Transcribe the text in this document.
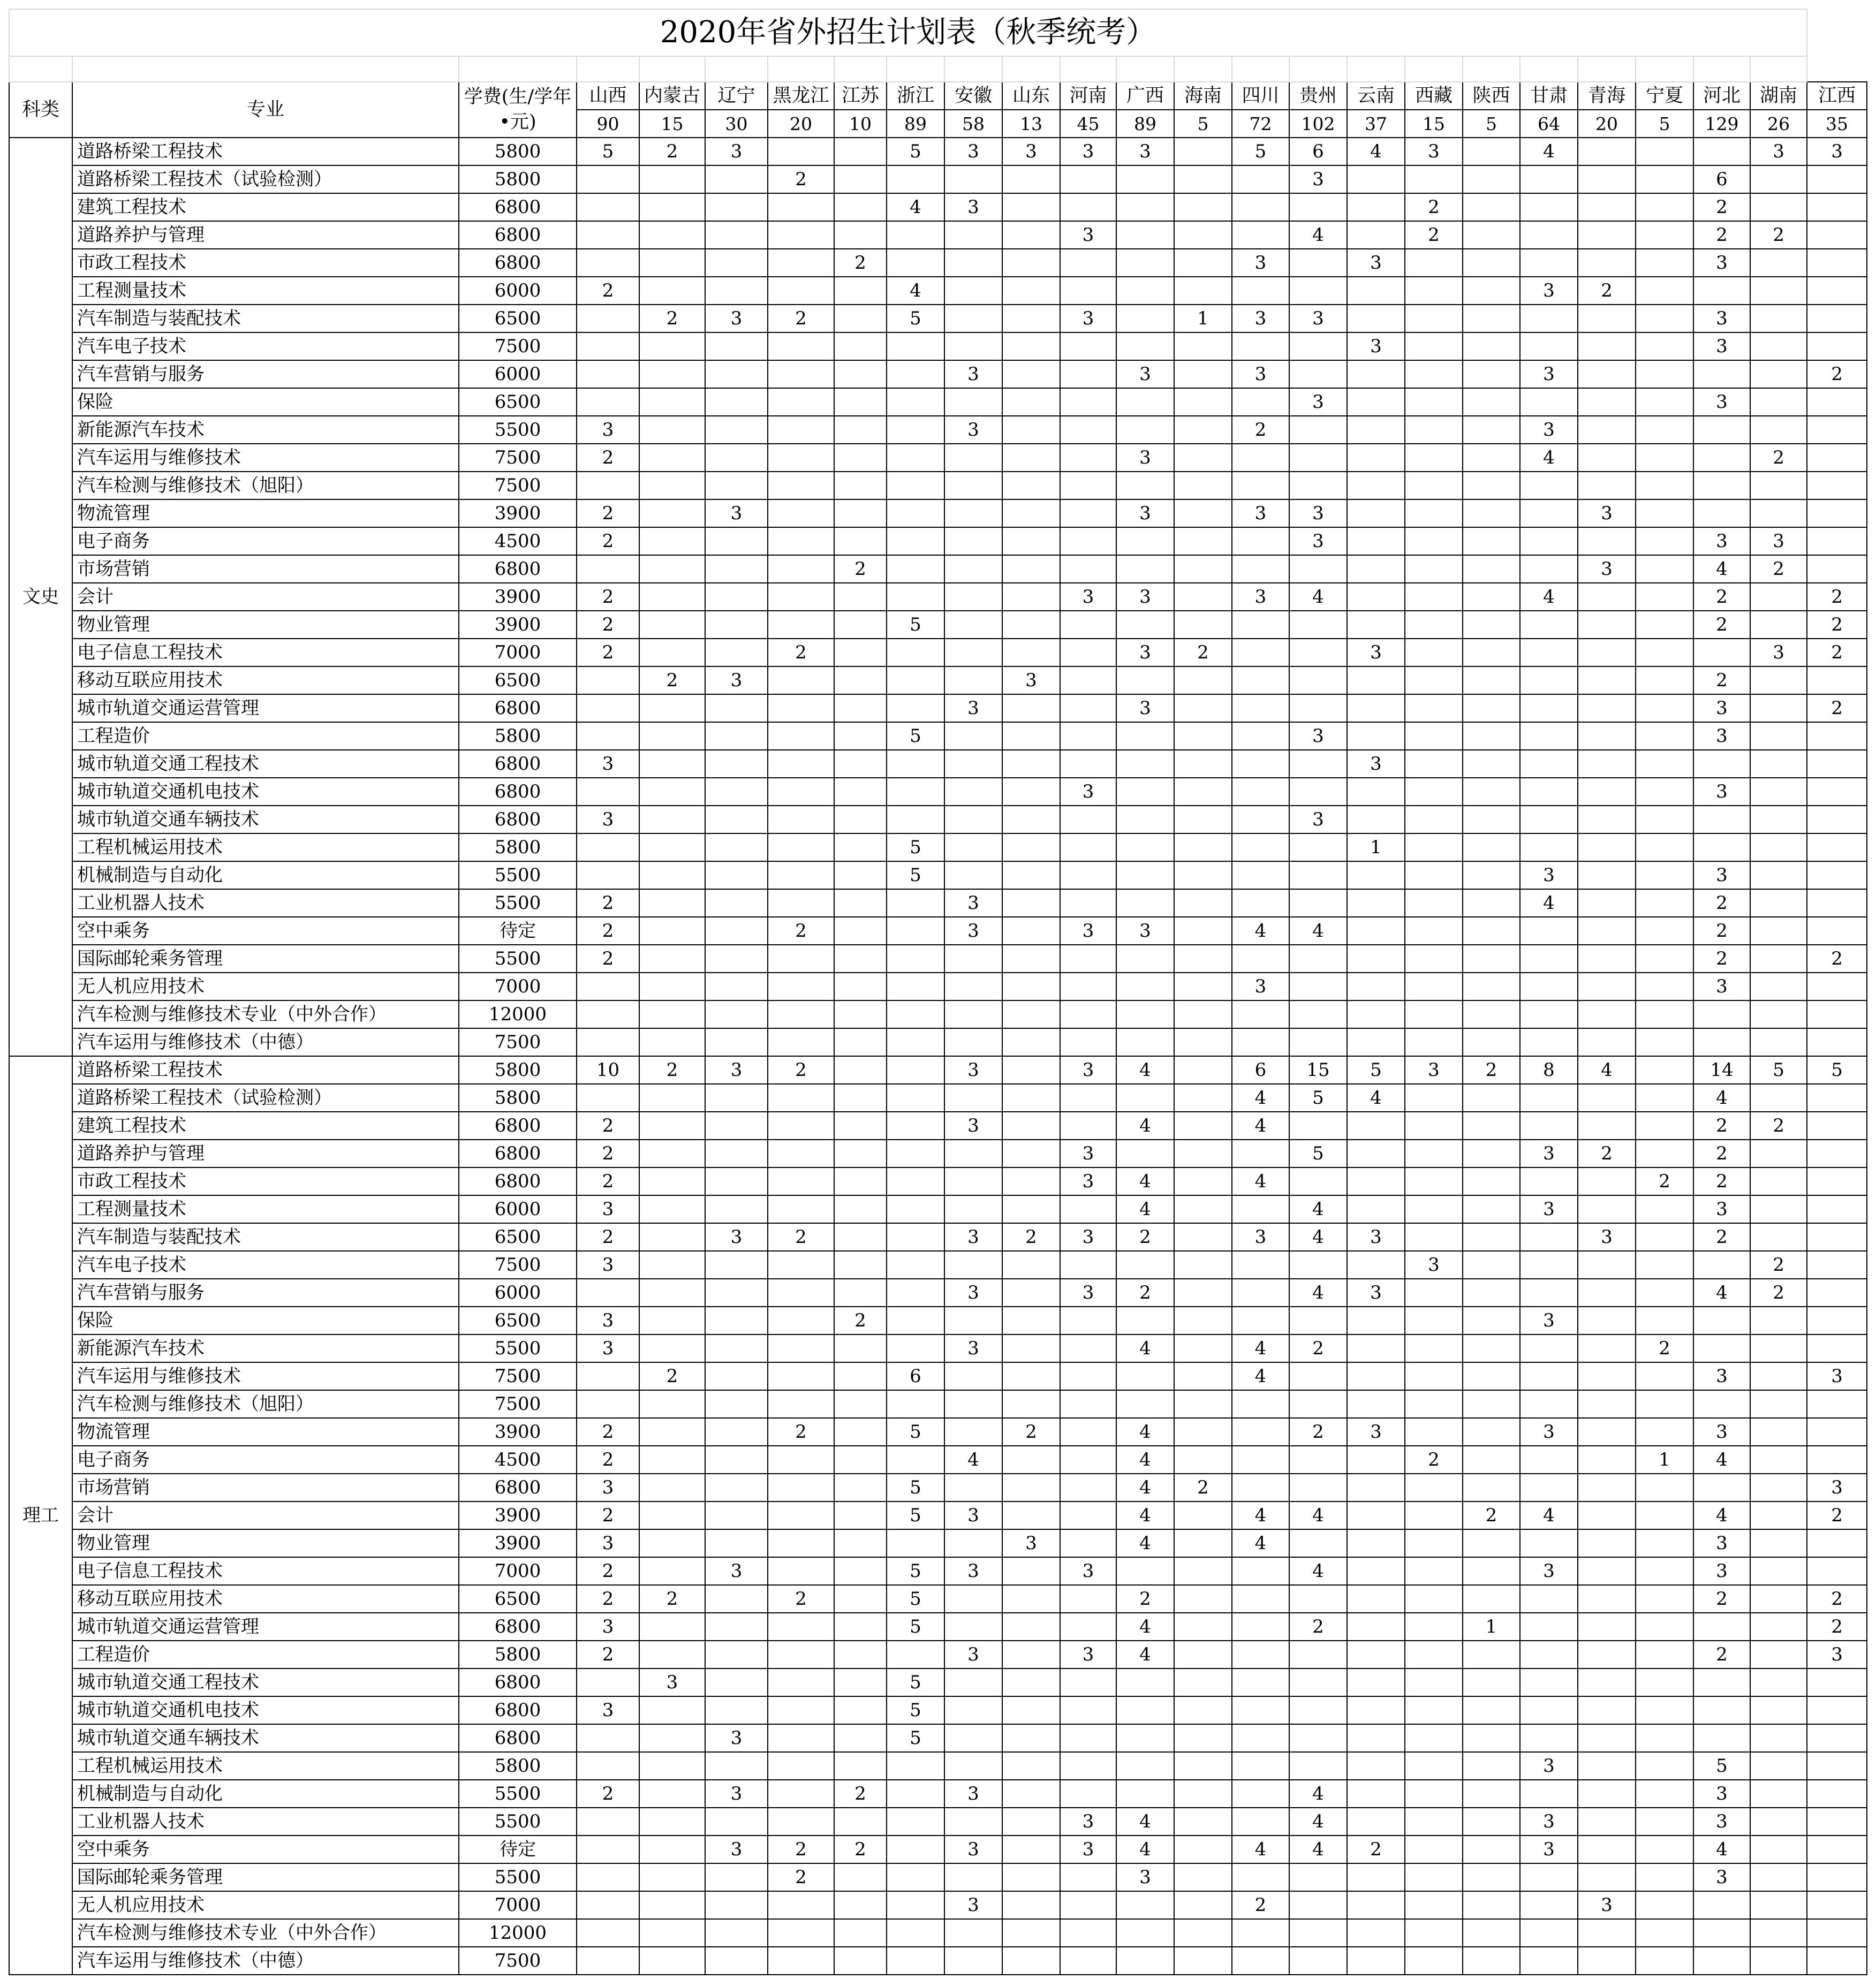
2020年省外招生计划表（秋季统考）																								

科类	专业	学费(生/学年•元)	山西	内蒙古	辽宁	黑龙江	江苏	浙江	安徽	山东	河南	广西	海南	四川	贵州	云南	西藏	陕西	甘肃	青海	宁夏	河北	湖南	江西
			90	15	30	20	10	89	58	13	45	89	5	72	102	37	15	5	64	20	5	129	26	35
文史	道路桥梁工程技术	5800	5	2	3			5	3	3	3	3		5	6	4	3		4				3	3
	道路桥梁工程技术（试验检测）	5800				2									3							6		
	建筑工程技术	6800						4	3								2					2		
	道路养护与管理	6800									3				4		2					2	2	
	市政工程技术	6800					2							3		3						3		
	工程测量技术	6000	2					4											3	2				
	汽车制造与装配技术	6500		2	3	2		5			3		1	3	3							3		
	汽车电子技术	7500														3						3		
	汽车营销与服务	6000							3			3		3					3					2
	保险	6500													3							3		
	新能源汽车技术	5500	3						3					2					3					
	汽车运用与维修技术	7500	2									3							4				2	
	汽车检测与维修技术（旭阳）	7500																						
	物流管理	3900	2		3							3		3	3					3				
	电子商务	4500	2												3							3	3	
	市场营销	6800					2													3		4	2	
	会计	3900	2								3	3		3	4				4			2		2
	物业管理	3900	2					5														2		2
	电子信息工程技术	7000	2			2						3	2			3							3	2
	移动互联应用技术	6500		2	3					3												2		
	城市轨道交通运营管理	6800							3			3										3		2
	工程造价	5800						5							3							3		
	城市轨道交通工程技术	6800	3													3								
	城市轨道交通机电技术	6800									3											3		
	城市轨道交通车辆技术	6800	3												3									
	工程机械运用技术	5800						5								1								
	机械制造与自动化	5500						5											3			3		
	工业机器人技术	5500	2						3										4			2		
	空中乘务	待定	2			2			3		3	3		4	4							2		
	国际邮轮乘务管理	5500	2																			2		2
	无人机应用技术	7000												3								3		
	汽车检测与维修技术专业（中外合作）	12000																						
	汽车运用与维修技术（中德）	7500																						
理工	道路桥梁工程技术	5800	10	2	3	2			3		3	4		6	15	5	3	2	8	4		14	5	5
	道路桥梁工程技术（试验检测）	5800												4	5	4						4		
	建筑工程技术	6800	2						3			4		4								2	2	
	道路养护与管理	6800	2								3				5				3	2		2		
	市政工程技术	6800	2								3	4		4							2	2		
	工程测量技术	6000	3									4			4				3			3		
	汽车制造与装配技术	6500	2		3	2			3	2	3	2		3	4	3				3		2		
	汽车电子技术	7500	3														3						2	
	汽车营销与服务	6000							3		3	2			4	3						4	2	
	保险	6500	3				2												3					
	新能源汽车技术	5500	3						3			4		4	2						2			
	汽车运用与维修技术	7500		2				6						4								3		3
	汽车检测与维修技术（旭阳）	7500																						
	物流管理	3900	2			2		5		2		4			2	3			3			3		
	电子商务	4500	2						4			4					2				1	4		
	市场营销	6800	3					5				4	2											3
	会计	3900	2					5	3			4		4	4			2	4			4		2
	物业管理	3900	3							3		4		4								3		
	电子信息工程技术	7000	2		3			5	3		3				4				3			3		
	移动互联应用技术	6500	2	2		2		5				2										2		2
	城市轨道交通运营管理	6800	3					5				4			2			1						2
	工程造价	5800	2						3		3	4										2		3
	城市轨道交通工程技术	6800		3				5																
	城市轨道交通机电技术	6800	3					5																
	城市轨道交通车辆技术	6800			3			5																
	工程机械运用技术	5800																	3			5		
	机械制造与自动化	5500	2		3		2		3						4							3		
	工业机器人技术	5500									3	4			4				3			3		
	空中乘务	待定			3	2	2		3		3	4		4	4	2			3			4		
	国际邮轮乘务管理	5500				2						3										3		
	无人机应用技术	7000							3					2						3				
	汽车检测与维修技术专业（中外合作）	12000																						
	汽车运用与维修技术（中德）	7500																						
